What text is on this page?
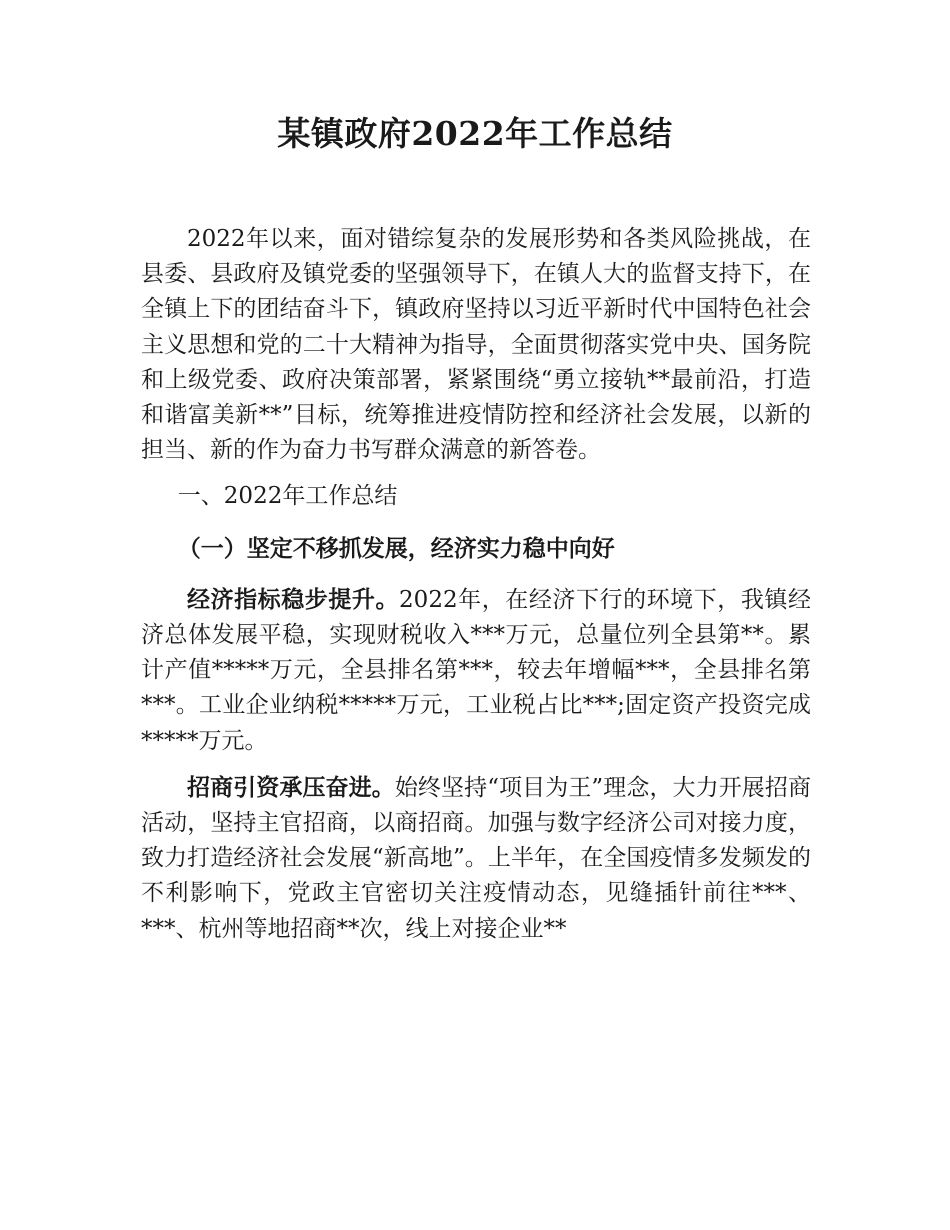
某镇政府2022年工作总结

2022年以来，面对错综复杂的发展形势和各类风险挑战，在县委、县政府及镇党委的坚强领导下，在镇人大的监督支持下，在全镇上下的团结奋斗下，镇政府坚持以习近平新时代中国特色社会主义思想和党的二十大精神为指导，全面贯彻落实党中央、国务院和上级党委、政府决策部署，紧紧围绕“勇立接轨**最前沿，打造和谐富美新**”目标，统筹推进疫情防控和经济社会发展，以新的担当、新的作为奋力书写群众满意的新答卷。

一、2022年工作总结
（一）坚定不移抓发展，经济实力稳中向好

经济指标稳步提升。2022年，在经济下行的环境下，我镇经济总体发展平稳，实现财税收入***万元，总量位列全县第**。累计产值*****万元，全县排名第***，较去年增幅***，全县排名第***。工业企业纳税*****万元，工业税占比***;固定资产投资完成*****万元。

招商引资承压奋进。始终坚持“项目为王”理念，大力开展招商活动，坚持主官招商，以商招商。加强与数字经济公司对接力度，致力打造经济社会发展“新高地”。上半年，在全国疫情多发频发的不利影响下，党政主官密切关注疫情动态，见缝插针前往***、***、杭州等地招商**次，线上对接企业**
